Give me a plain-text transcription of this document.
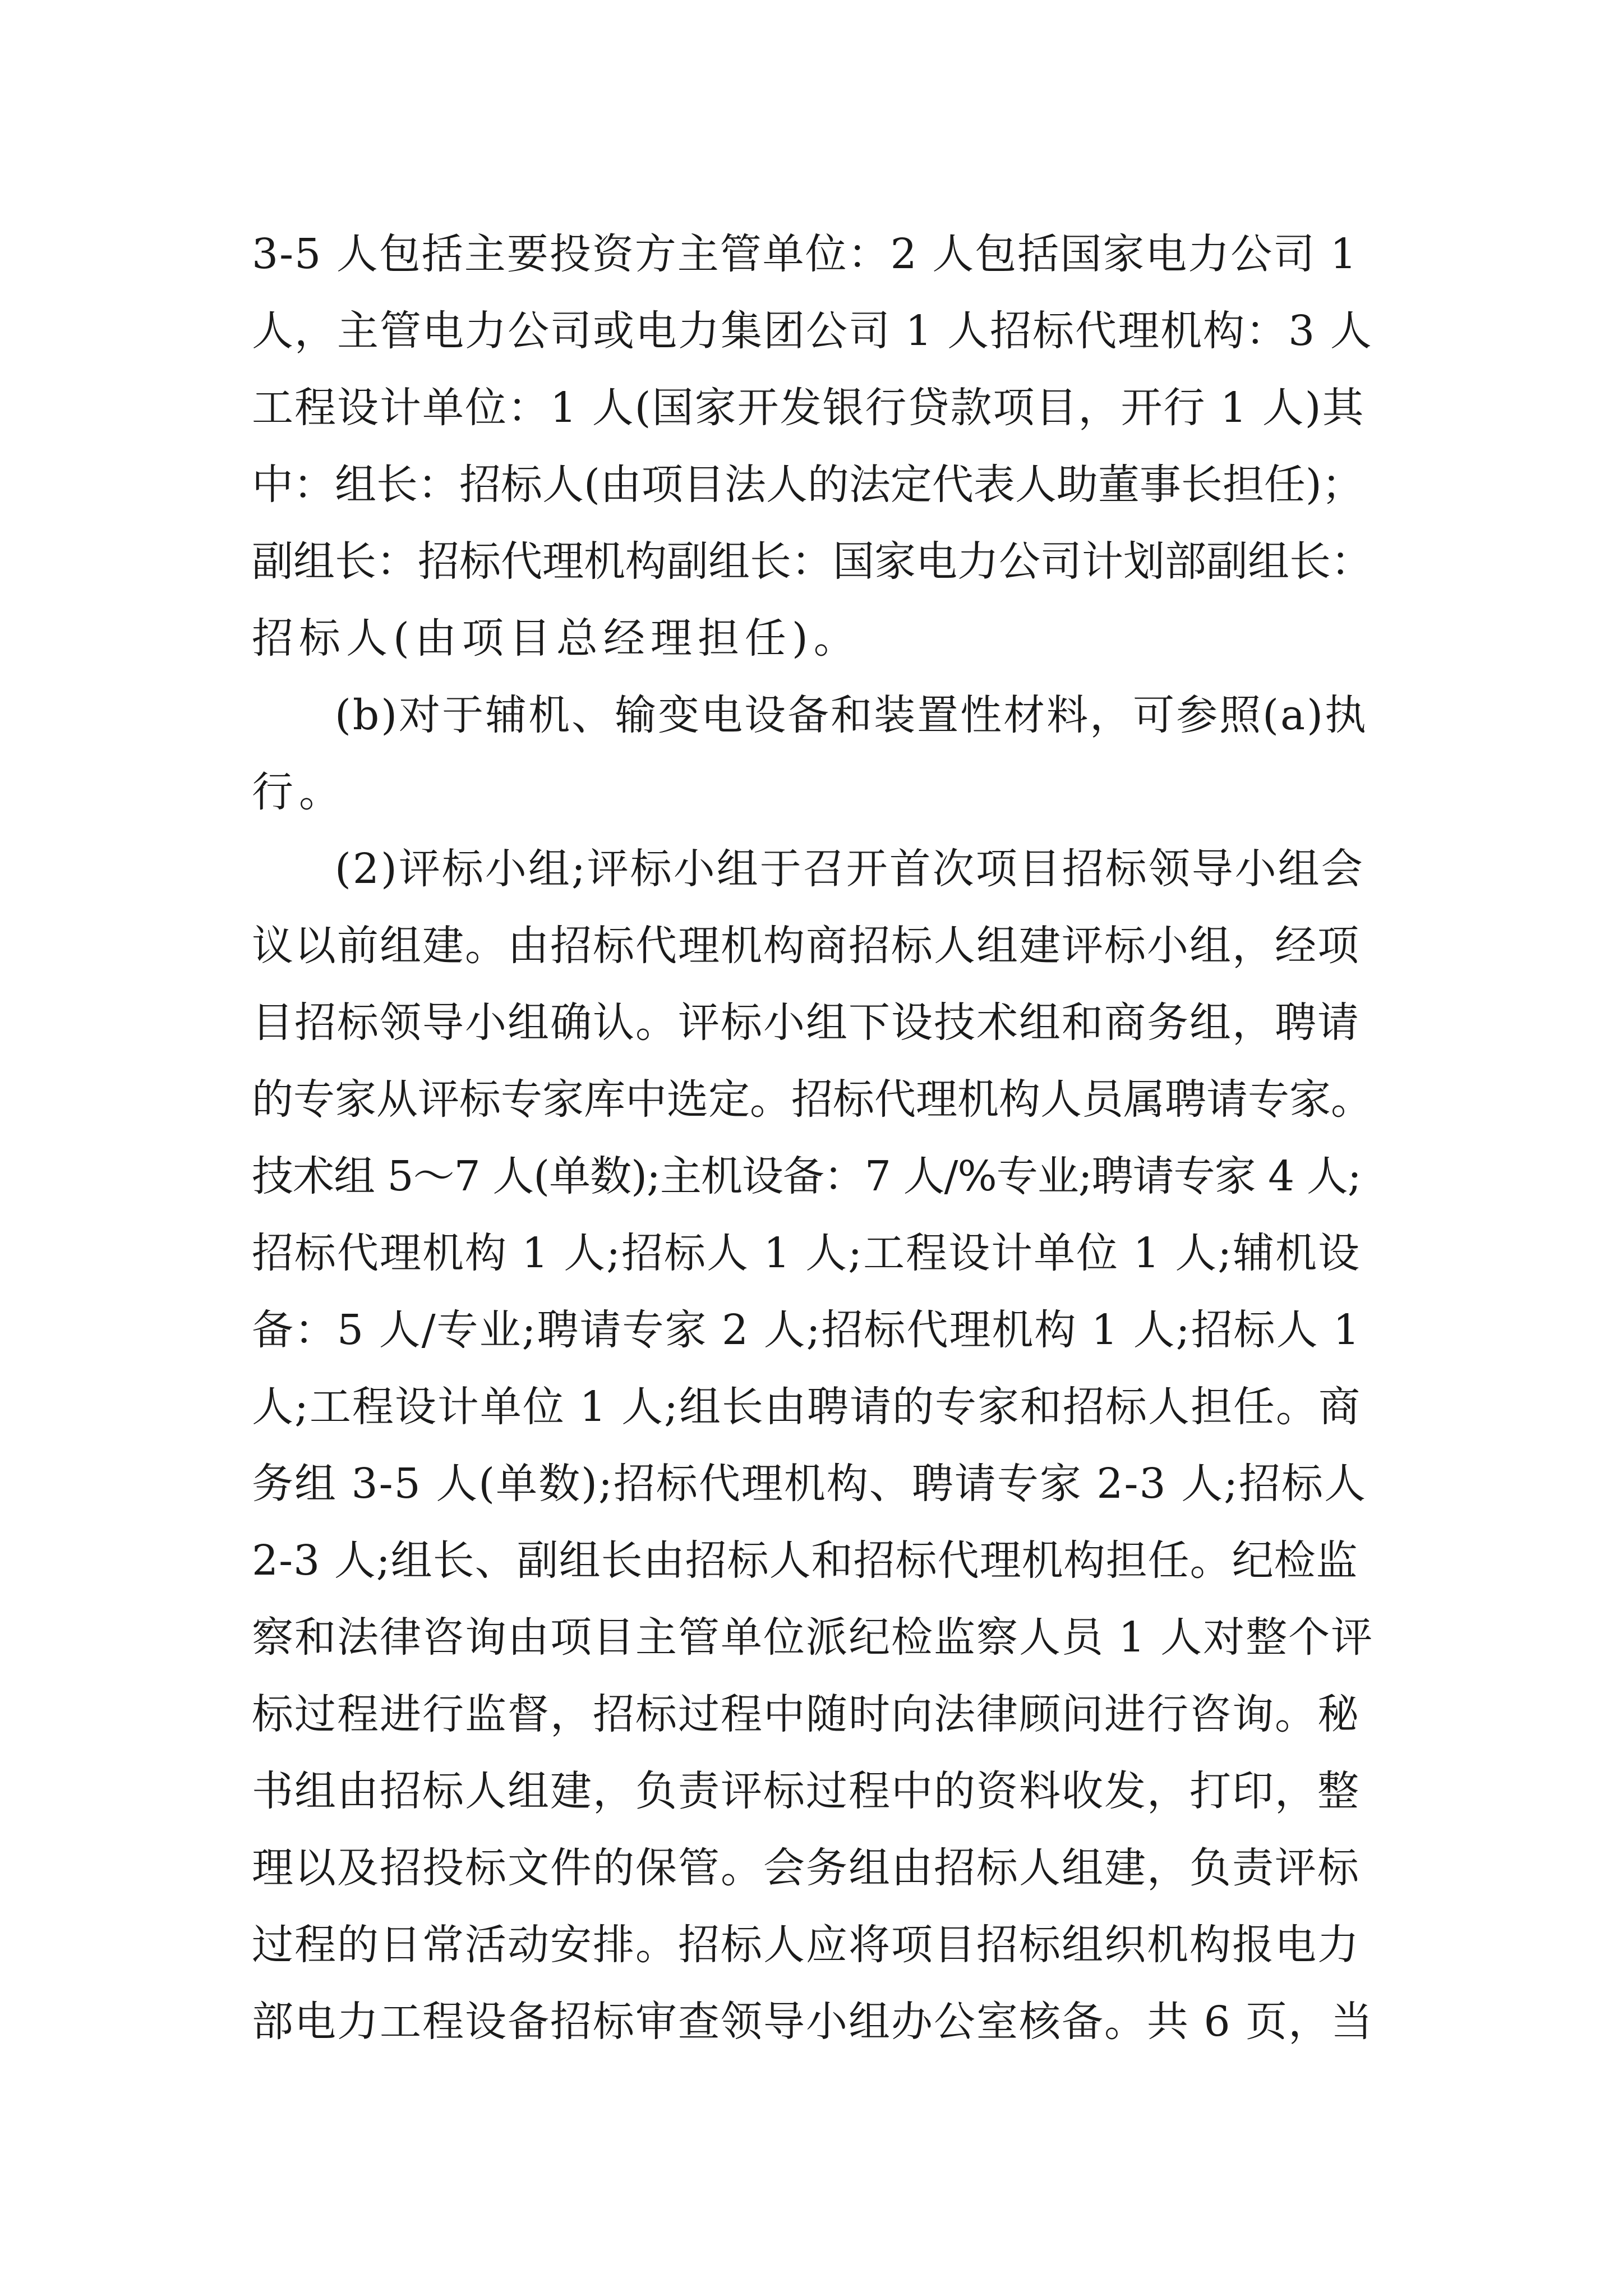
3-5 人包括主要投资方主管单位：2 人包括国家电力公司 1
人，主管电力公司或电力集团公司 1 人招标代理机构：3 人
工程设计单位：1 人(国家开发银行贷款项目，开行 1 人)其
中：组长：招标人(由项目法人的法定代表人助董事长担任)；
副组长：招标代理机构副组长：国家电力公司计划部副组长：
招标人(由项目总经理担任)。
(b)对于辅机、输变电设备和装置性材料，可参照(a)执
行。
(2)评标小组;评标小组于召开首次项目招标领导小组会
议以前组建。由招标代理机构商招标人组建评标小组，经项
目招标领导小组确认。评标小组下设技术组和商务组，聘请
的专家从评标专家库中选定。招标代理机构人员属聘请专家。
技术组 5～7 人(单数);主机设备：7 人/%专业;聘请专家 4 人;
招标代理机构 1 人;招标人 1 人;工程设计单位 1 人;辅机设
备：5 人/专业;聘请专家 2 人;招标代理机构 1 人;招标人 1
人;工程设计单位 1 人;组长由聘请的专家和招标人担任。商
务组 3-5 人(单数);招标代理机构、聘请专家 2-3 人;招标人
2-3 人;组长、副组长由招标人和招标代理机构担任。纪检监
察和法律咨询由项目主管单位派纪检监察人员 1 人对整个评
标过程进行监督，招标过程中随时向法律顾问进行咨询。秘
书组由招标人组建，负责评标过程中的资料收发，打印，整
理以及招投标文件的保管。会务组由招标人组建，负责评标
过程的日常活动安排。招标人应将项目招标组织机构报电力
部电力工程设备招标审查领导小组办公室核备。共 6 页，当
